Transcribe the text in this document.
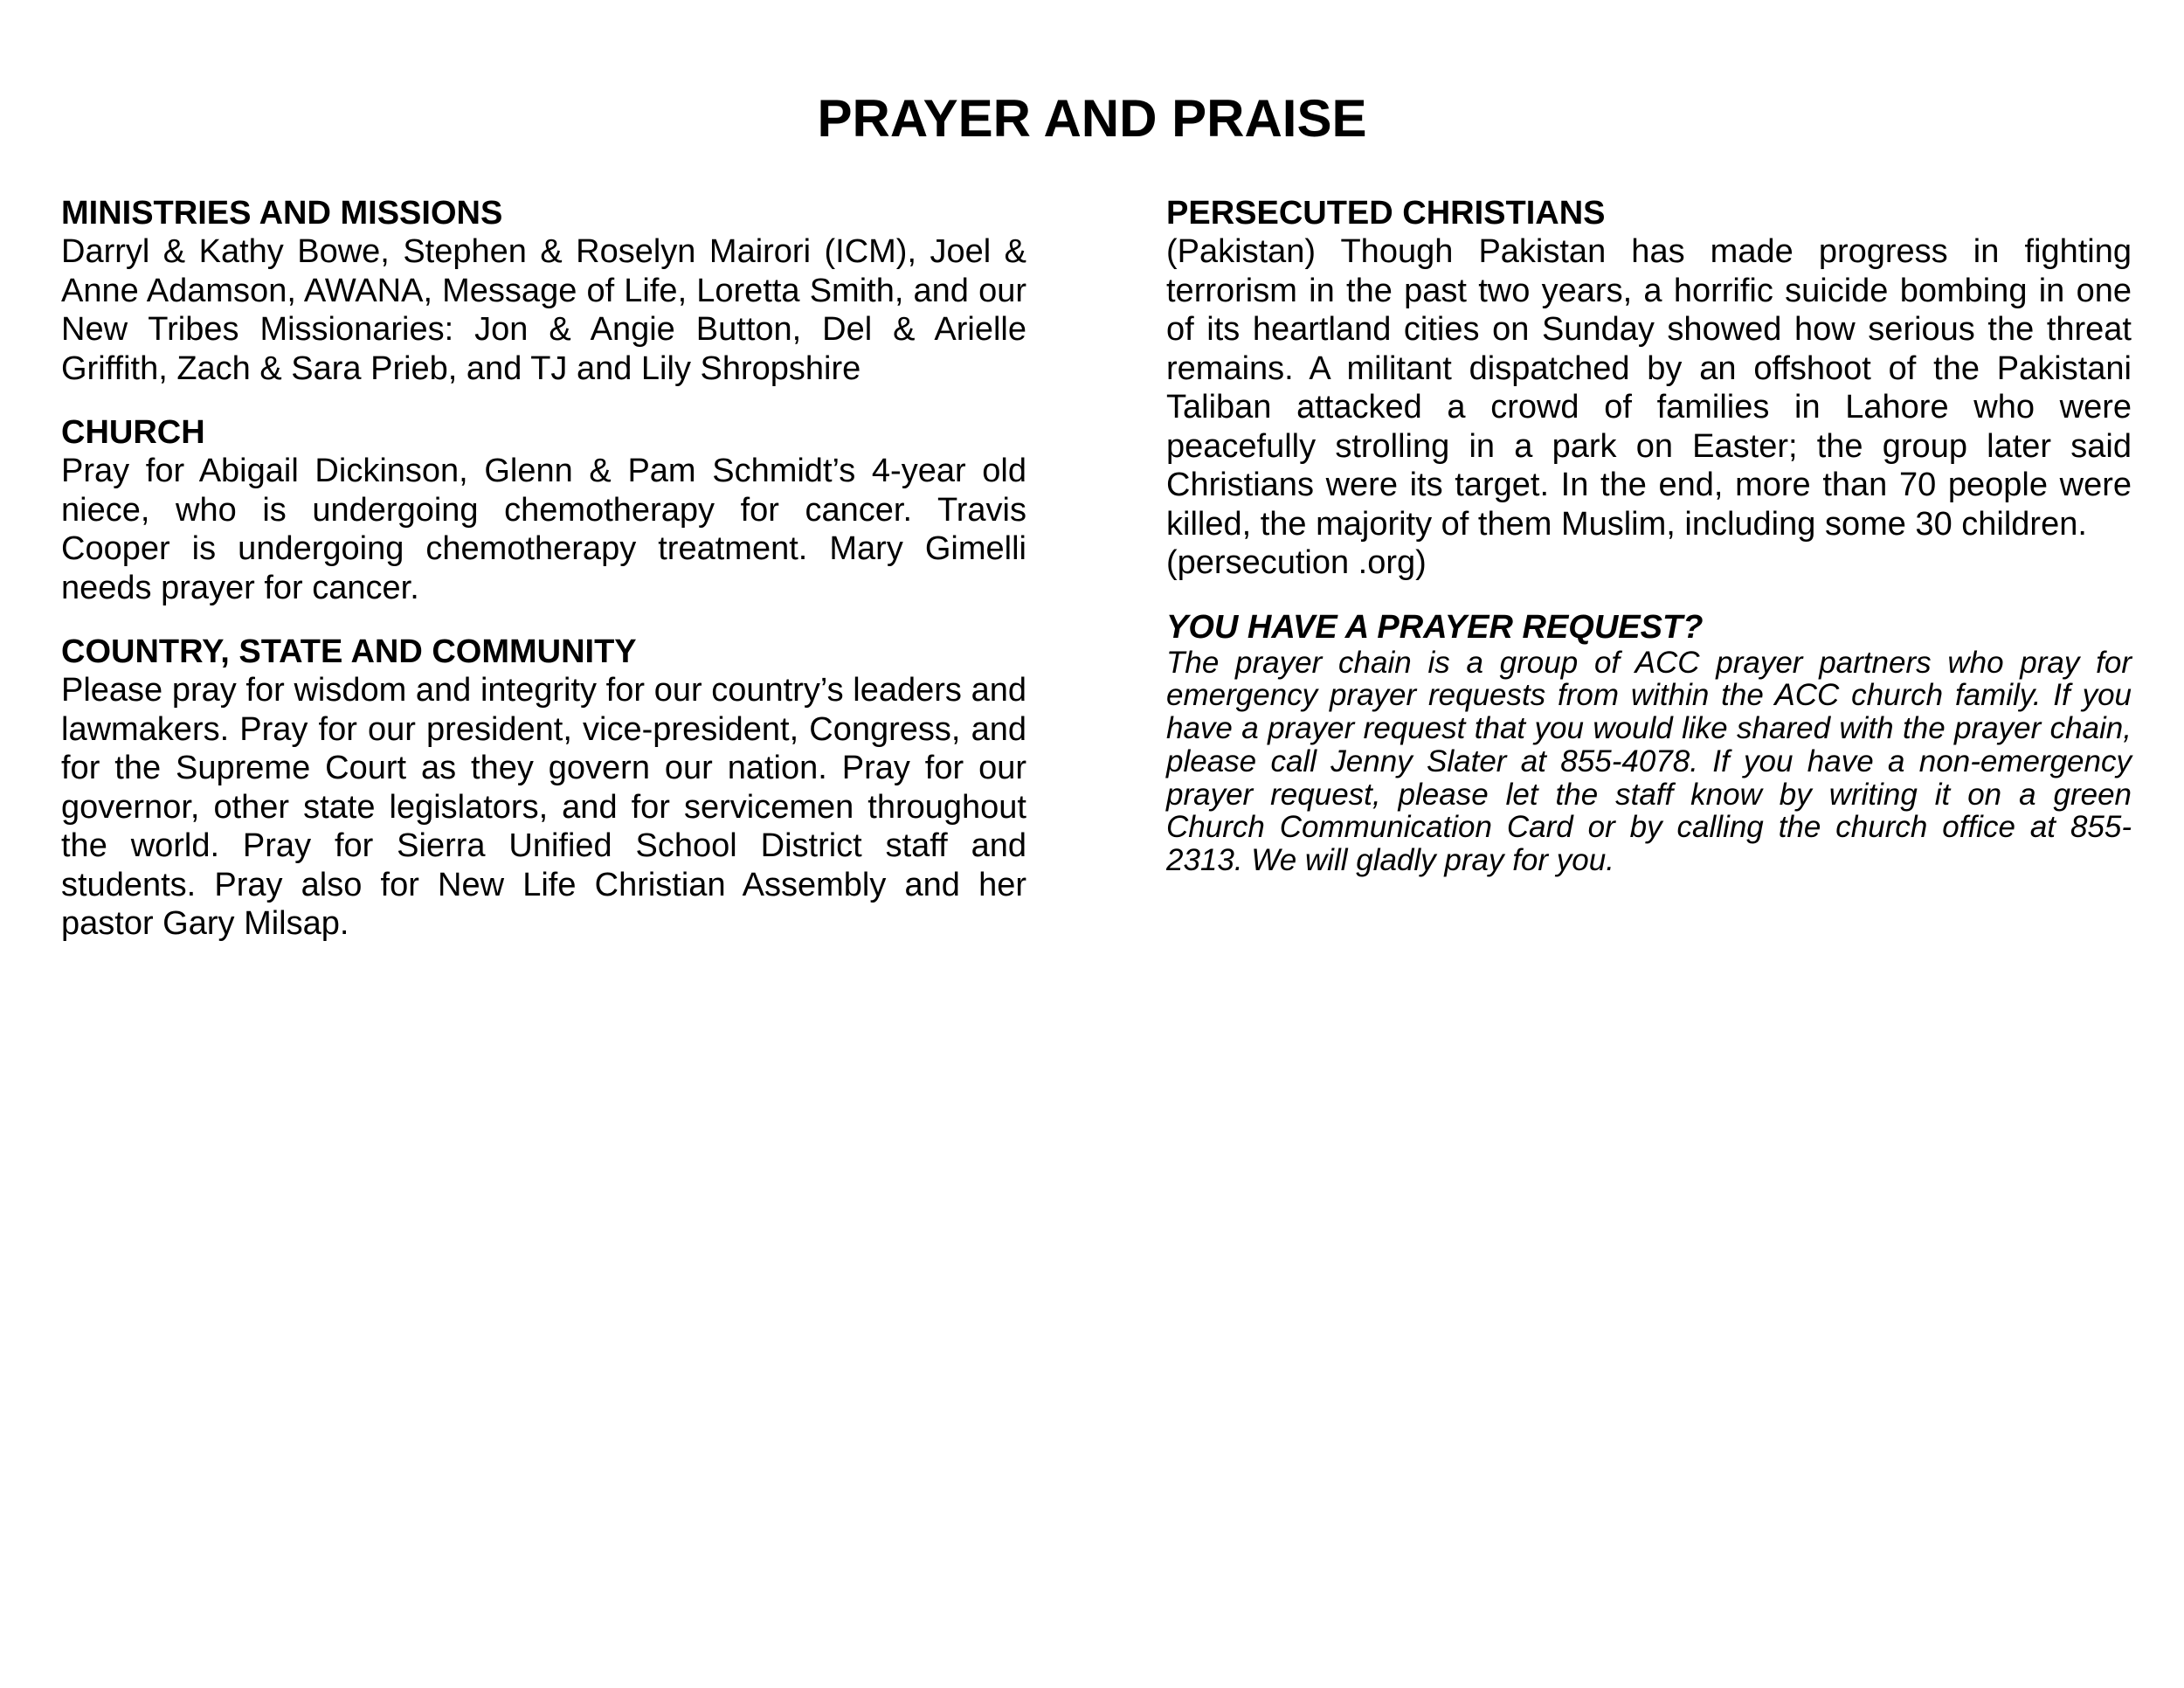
PRAYER AND PRAISE
MINISTRIES AND MISSIONS
Darryl & Kathy Bowe, Stephen & Roselyn Mairori (ICM), Joel & Anne Adamson, AWANA, Message of Life, Loretta Smith, and our New Tribes Missionaries: Jon & Angie Button, Del & Arielle Griffith, Zach & Sara Prieb, and TJ and Lily Shropshire
CHURCH
Pray for Abigail Dickinson, Glenn & Pam Schmidt’s 4-year old niece, who is undergoing chemotherapy for cancer. Travis Cooper is undergoing chemotherapy treatment. Mary Gimelli needs prayer for cancer.
COUNTRY, STATE AND COMMUNITY
Please pray for wisdom and integrity for our country’s leaders and lawmakers. Pray for our president, vice-president, Congress, and for the Supreme Court as they govern our nation. Pray for our governor, other state legislators, and for servicemen throughout the world. Pray for Sierra Unified School District staff and students. Pray also for New Life Christian Assembly and her pastor Gary Milsap.
PERSECUTED CHRISTIANS
(Pakistan) Though Pakistan has made progress in fighting terrorism in the past two years, a horrific suicide bombing in one of its heartland cities on Sunday showed how serious the threat remains. A militant dispatched by an offshoot of the Pakistani Taliban attacked a crowd of families in Lahore who were peacefully strolling in a park on Easter; the group later said Christians were its target. In the end, more than 70 people were killed, the majority of them Muslim, including some 30 children.
(persecution .org)
YOU HAVE A PRAYER REQUEST?
The prayer chain is a group of ACC prayer partners who pray for emergency prayer requests from within the ACC church family. If you have a prayer request that you would like shared with the prayer chain, please call Jenny Slater at 855-4078. If you have a non-emergency prayer request, please let the staff know by writing it on a green Church Communication Card or by calling the church office at 855-2313. We will gladly pray for you.
